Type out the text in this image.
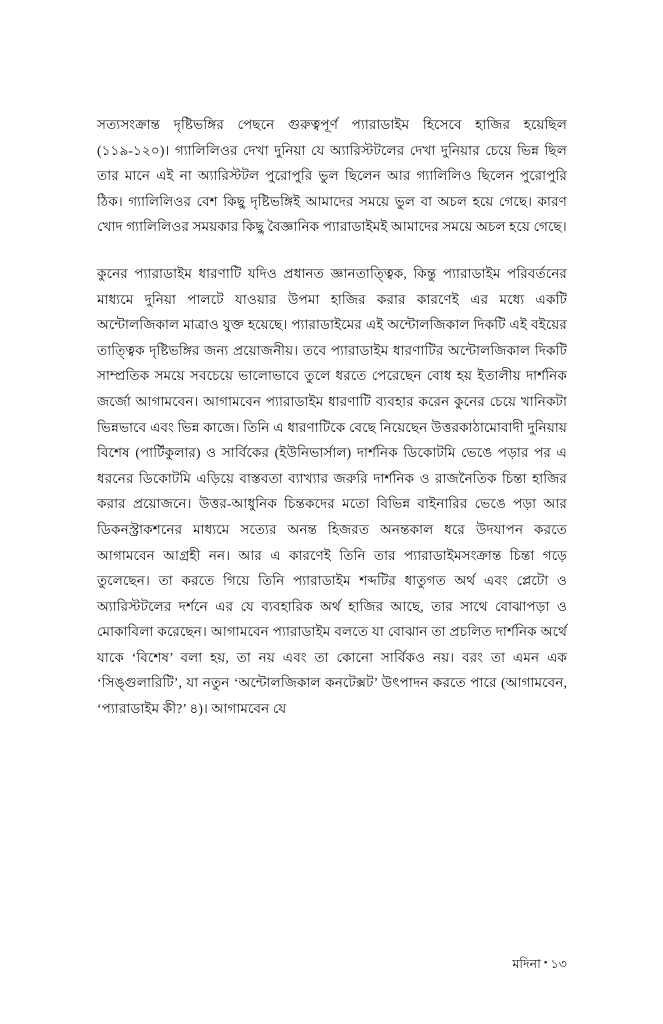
সত্যসংক্রান্ত দৃষ্টিভঙ্গির পেছনে গুরুত্বপূর্ণ প্যারাডাইম হিসেবে হাজির হয়েছিল (১১৯-১২০)। গ্যালিলিওর দেখা দুনিয়া যে অ্যারিস্টটলের দেখা দুনিয়ার চেয়ে ভিন্ন ছিল তার মানে এই না অ্যারিস্টটল পুরোপুরি ভুল ছিলেন আর গ্যালিলিও ছিলেন পুরোপুরি ঠিক। গ্যালিলিওর বেশ কিছু দৃষ্টিভঙ্গিই আমাদের সময়ে ভুল বা অচল হয়ে গেছে। কারণ খোদ গ্যালিলিওর সময়কার কিছু বৈজ্ঞানিক প্যারাডাইমই আমাদের সময়ে অচল হয়ে গেছে।

কুনের প্যারাডাইম ধারণাটি যদিও প্রধানত জ্ঞানতাত্ত্বিক, কিন্তু প্যারাডাইম পরিবর্তনের মাধ্যমে দুনিয়া পালটে যাওয়ার উপমা হাজির করার কারণেই এর মধ্যে একটি অন্টোলজিকাল মাত্রাও যুক্ত হয়েছে। প্যারাডাইমের এই অন্টোলজিকাল দিকটি এই বইয়ের তাত্ত্বিক দৃষ্টিভঙ্গির জন্য প্রয়োজনীয়। তবে প্যারাডাইম ধারণাটির অন্টোলজিকাল দিকটি সাম্প্রতিক সময়ে সবচেয়ে ভালোভাবে তুলে ধরতে পেরেছেন বোধ হয় ইতালীয় দার্শনিক জর্জো আগামবেন। আগামবেন প্যারাডাইম ধারণাটি ব্যবহার করেন কুনের চেয়ে খানিকটা ভিন্নভাবে এবং ভিন্ন কাজে। তিনি এ ধারণাটিকে বেছে নিয়েছেন উত্তরকাঠামোবাদী দুনিয়ায় বিশেষ (পার্টিকুলার) ও সার্বিকের (ইউনিভার্সাল) দার্শনিক ডিকোটমি ভেঙে পড়ার পর এ ধরনের ডিকোটমি এড়িয়ে বাস্তবতা ব্যাখ্যার জরুরি দার্শনিক ও রাজনৈতিক চিন্তা হাজির করার প্রয়োজনে। উত্তর-আধুনিক চিন্তকদের মতো বিভিন্ন বাইনারির ভেঙে পড়া আর ডিকনস্ট্রাকশনের মাধ্যমে সত্যের অনন্ত হিজরত অনন্তকাল ধরে উদযাপন করতে আগামবেন আগ্রহী নন। আর এ কারণেই তিনি তার প্যারাডাইমসংক্রান্ত চিন্তা গড়ে তুলেছেন। তা করতে গিয়ে তিনি প্যারাডাইম শব্দটির ধাতুগত অর্থ এবং প্লেটো ও অ্যারিস্টটলের দর্শনে এর যে ব্যবহারিক অর্থ হাজির আছে, তার সাথে বোঝাপড়া ও মোকাবিলা করেছেন। আগামবেন প্যারাডাইম বলতে যা বোঝান তা প্রচলিত দার্শনিক অর্থে যাকে ‘বিশেষ’ বলা হয়, তা নয় এবং তা কোনো সার্বিকও নয়। বরং তা এমন এক ‘সিঙ্গুলারিটি’, যা নতুন ‘অন্টোলজিকাল কনটেক্সট’ উৎপাদন করতে পারে (আগামবেন, ‘প্যারাডাইম কী?’ ৪)। আগামবেন যে

মদিনা • ১৩
